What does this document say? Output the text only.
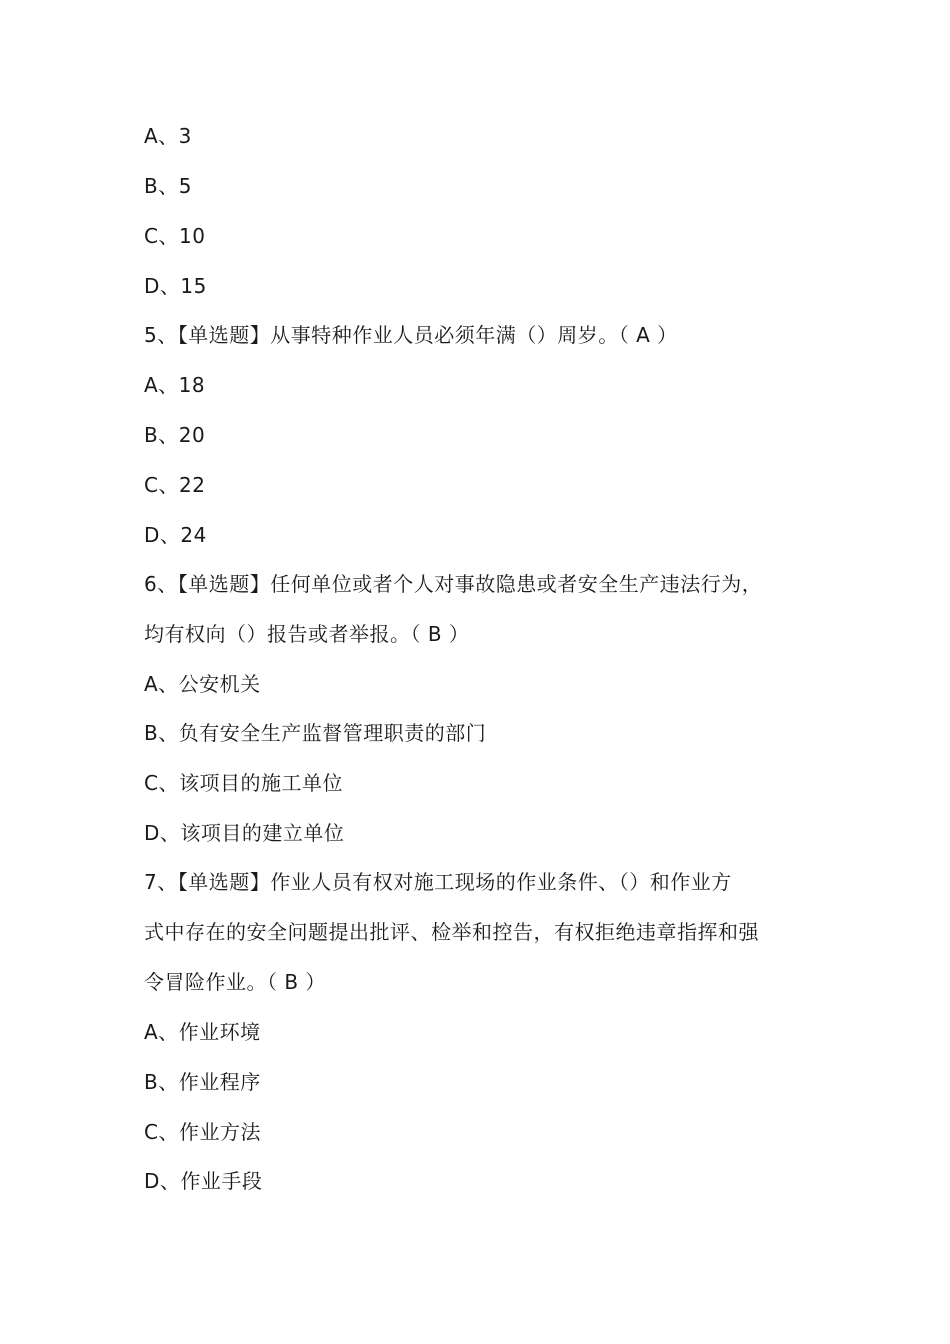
A、3
B、5
C、10
D、15
5、【单选题】从事特种作业人员必须年满（）周岁。（ A ）
A、18
B、20
C、22
D、24
6、【单选题】任何单位或者个人对事故隐患或者安全生产违法行为，
均有权向（）报告或者举报。（ B ）
A、公安机关
B、负有安全生产监督管理职责的部门
C、该项目的施工单位
D、该项目的建立单位
7、【单选题】作业人员有权对施工现场的作业条件、（）和作业方
式中存在的安全问题提出批评、检举和控告，有权拒绝违章指挥和强
令冒险作业。（ B ）
A、作业环境
B、作业程序
C、作业方法
D、作业手段
